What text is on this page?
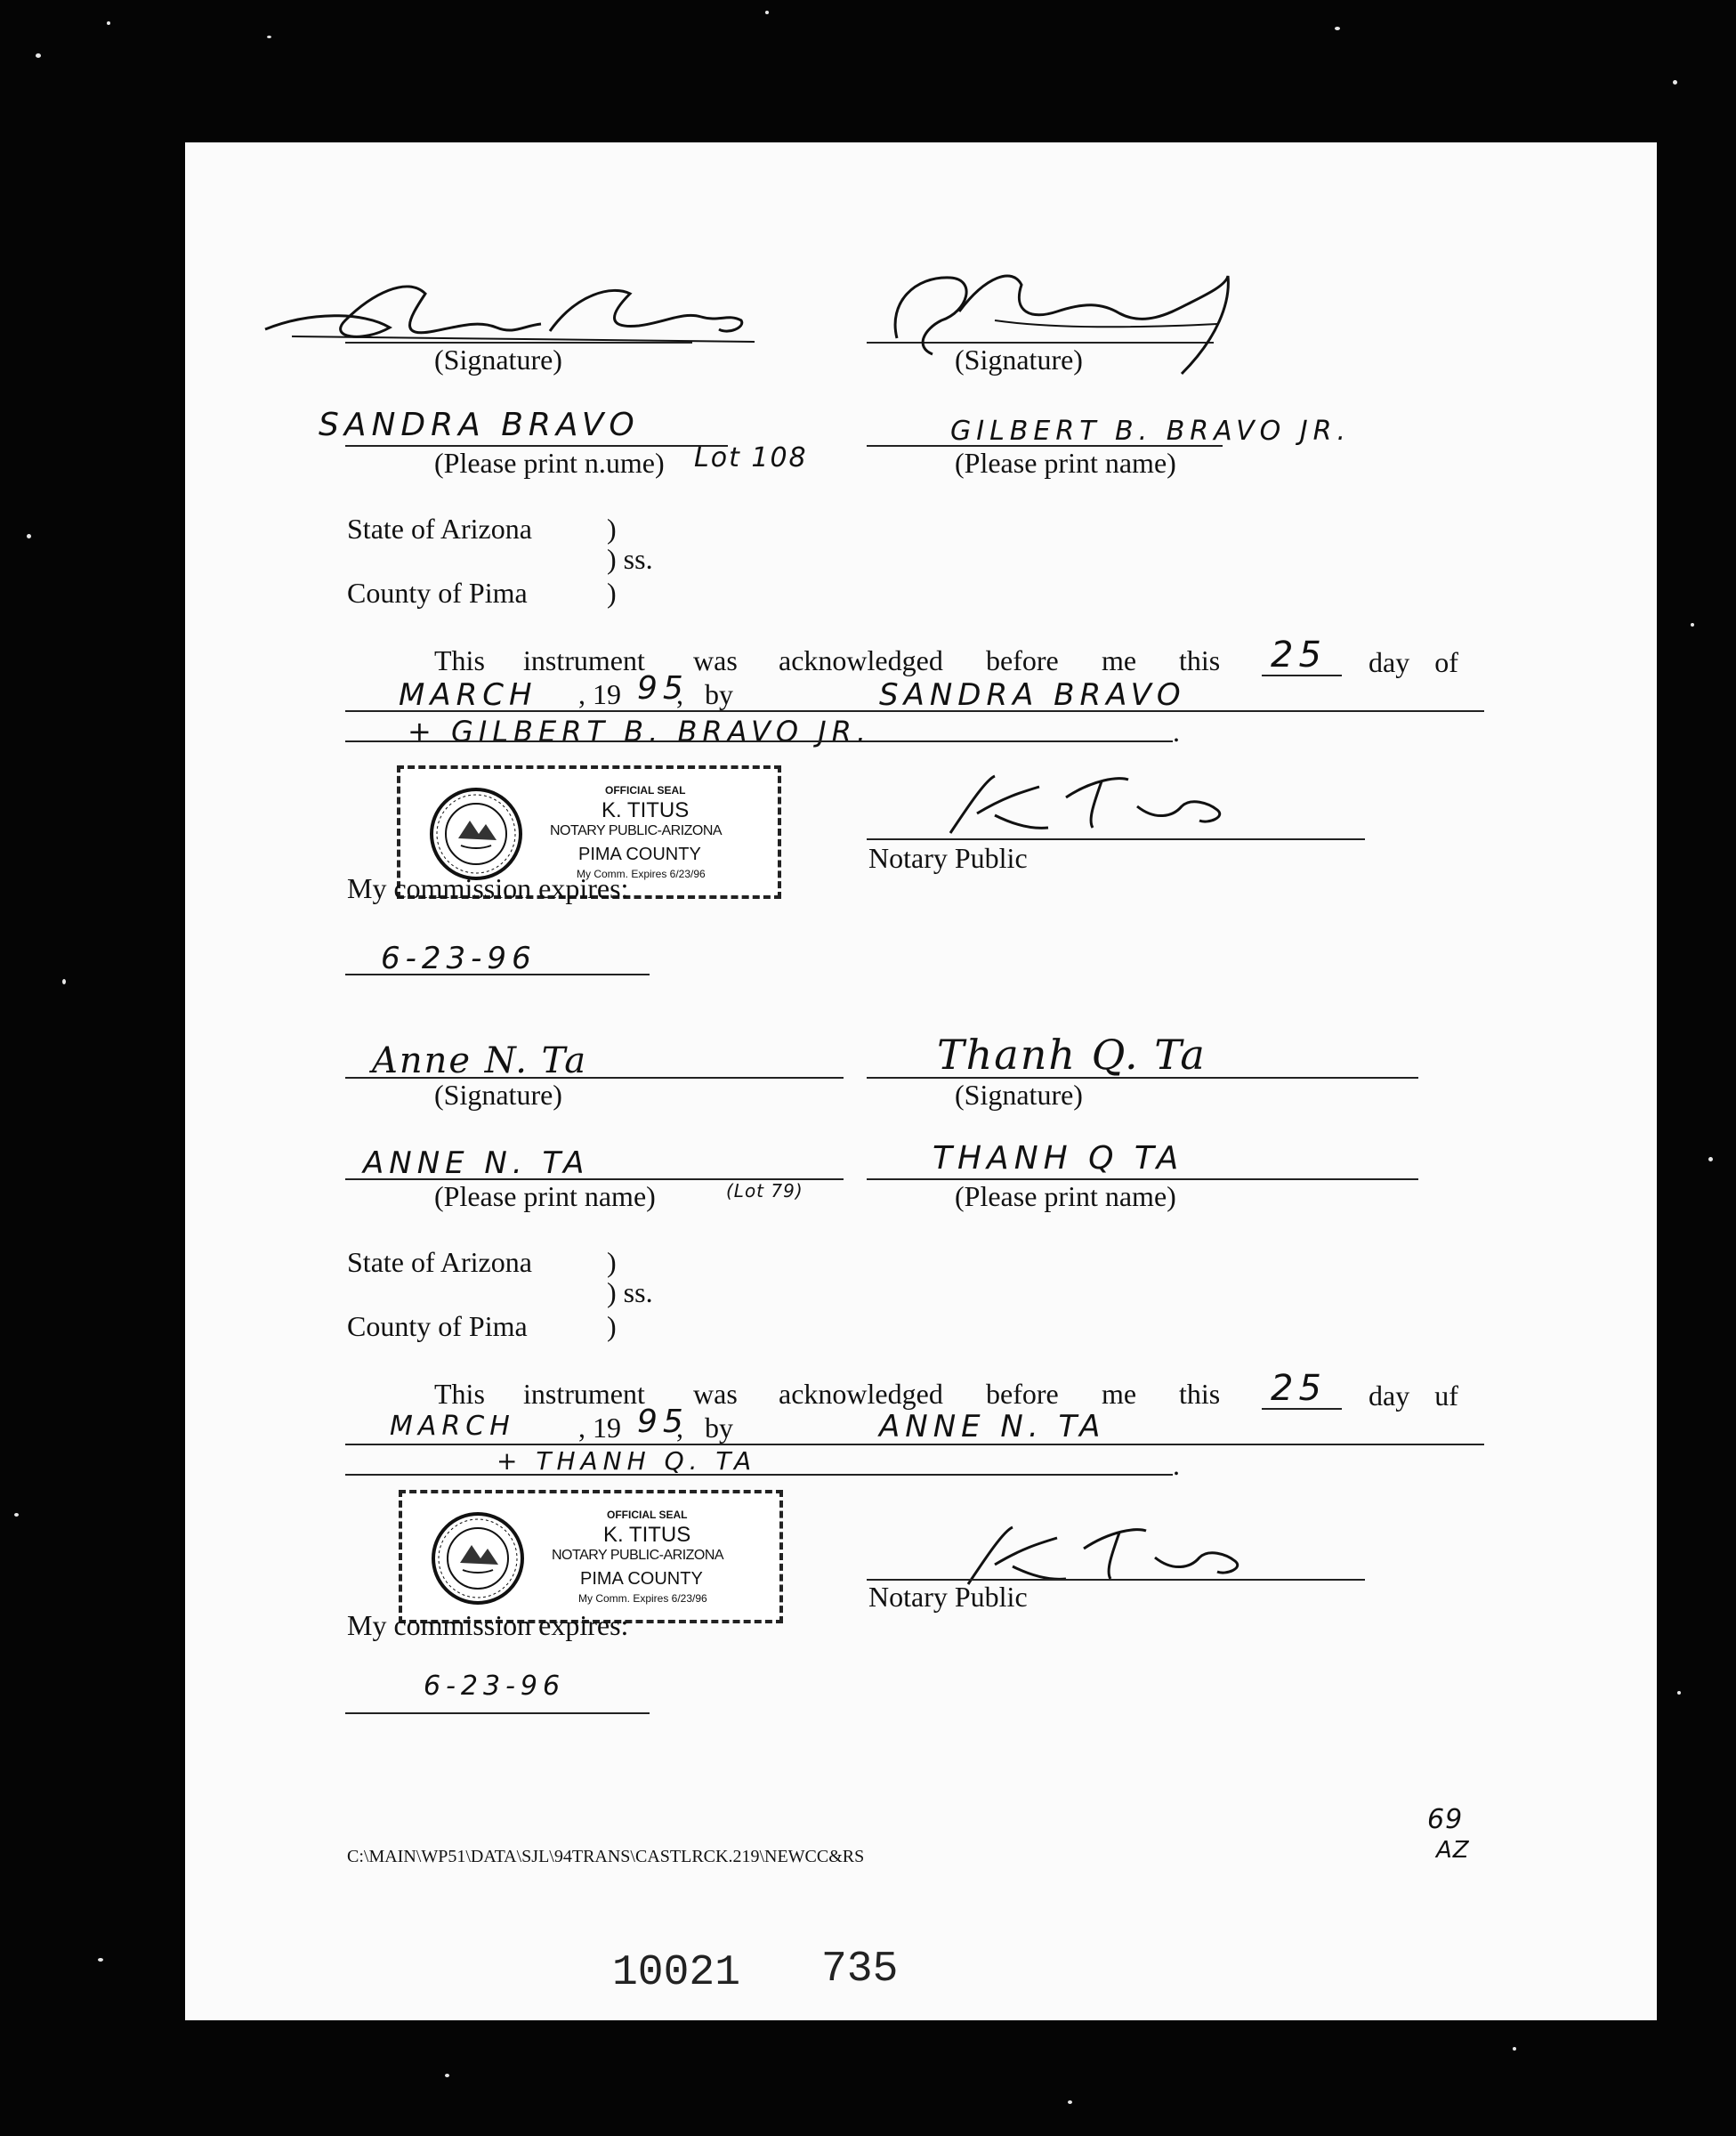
(Signature)	(Signature)
SANDRA BRAVO	GILBERT B. BRAVO JR.
(Please print n.ume) Lot 108	(Please print name)
State of Arizona	)
) ss.
County of Pima	)
This instrument was acknowledged before me this 25 day of
MARCH , 19 95
, by	SANDRA BRAVO
+ GILBERT B. BRAVO JR.	.
OFFICIAL SEAL
K. TITUS
NOTARY PUBLIC-ARIZONA
PIMA COUNTY
My Comm. Expires 6/23/96	Notary Public
My commission expires:
6-23-96
Anne N. Ta	Thanh Q. Ta
(Signature)	(Signature)
ANNE N. TA	THANH Q TA
(Please print name)	(Lot 79)	(Please print name)
State of Arizona	)
) ss.
County of Pima	)
This instrument was acknowledged before me this 25 day uf
MARCH , 19 95
, by	ANNE N. TA
+ THANH Q. TA	.
OFFICIAL SEAL
K. TITUS
NOTARY PUBLIC-ARIZONA
PIMA COUNTY
My Comm. Expires 6/23/96	Notary Public
My commission expires:
6-23-96
C:\MAIN\WP51\DATA\SJL\94TRANS\CASTLRCK.219\NEWCC&RS
69
AZ
10021 735
